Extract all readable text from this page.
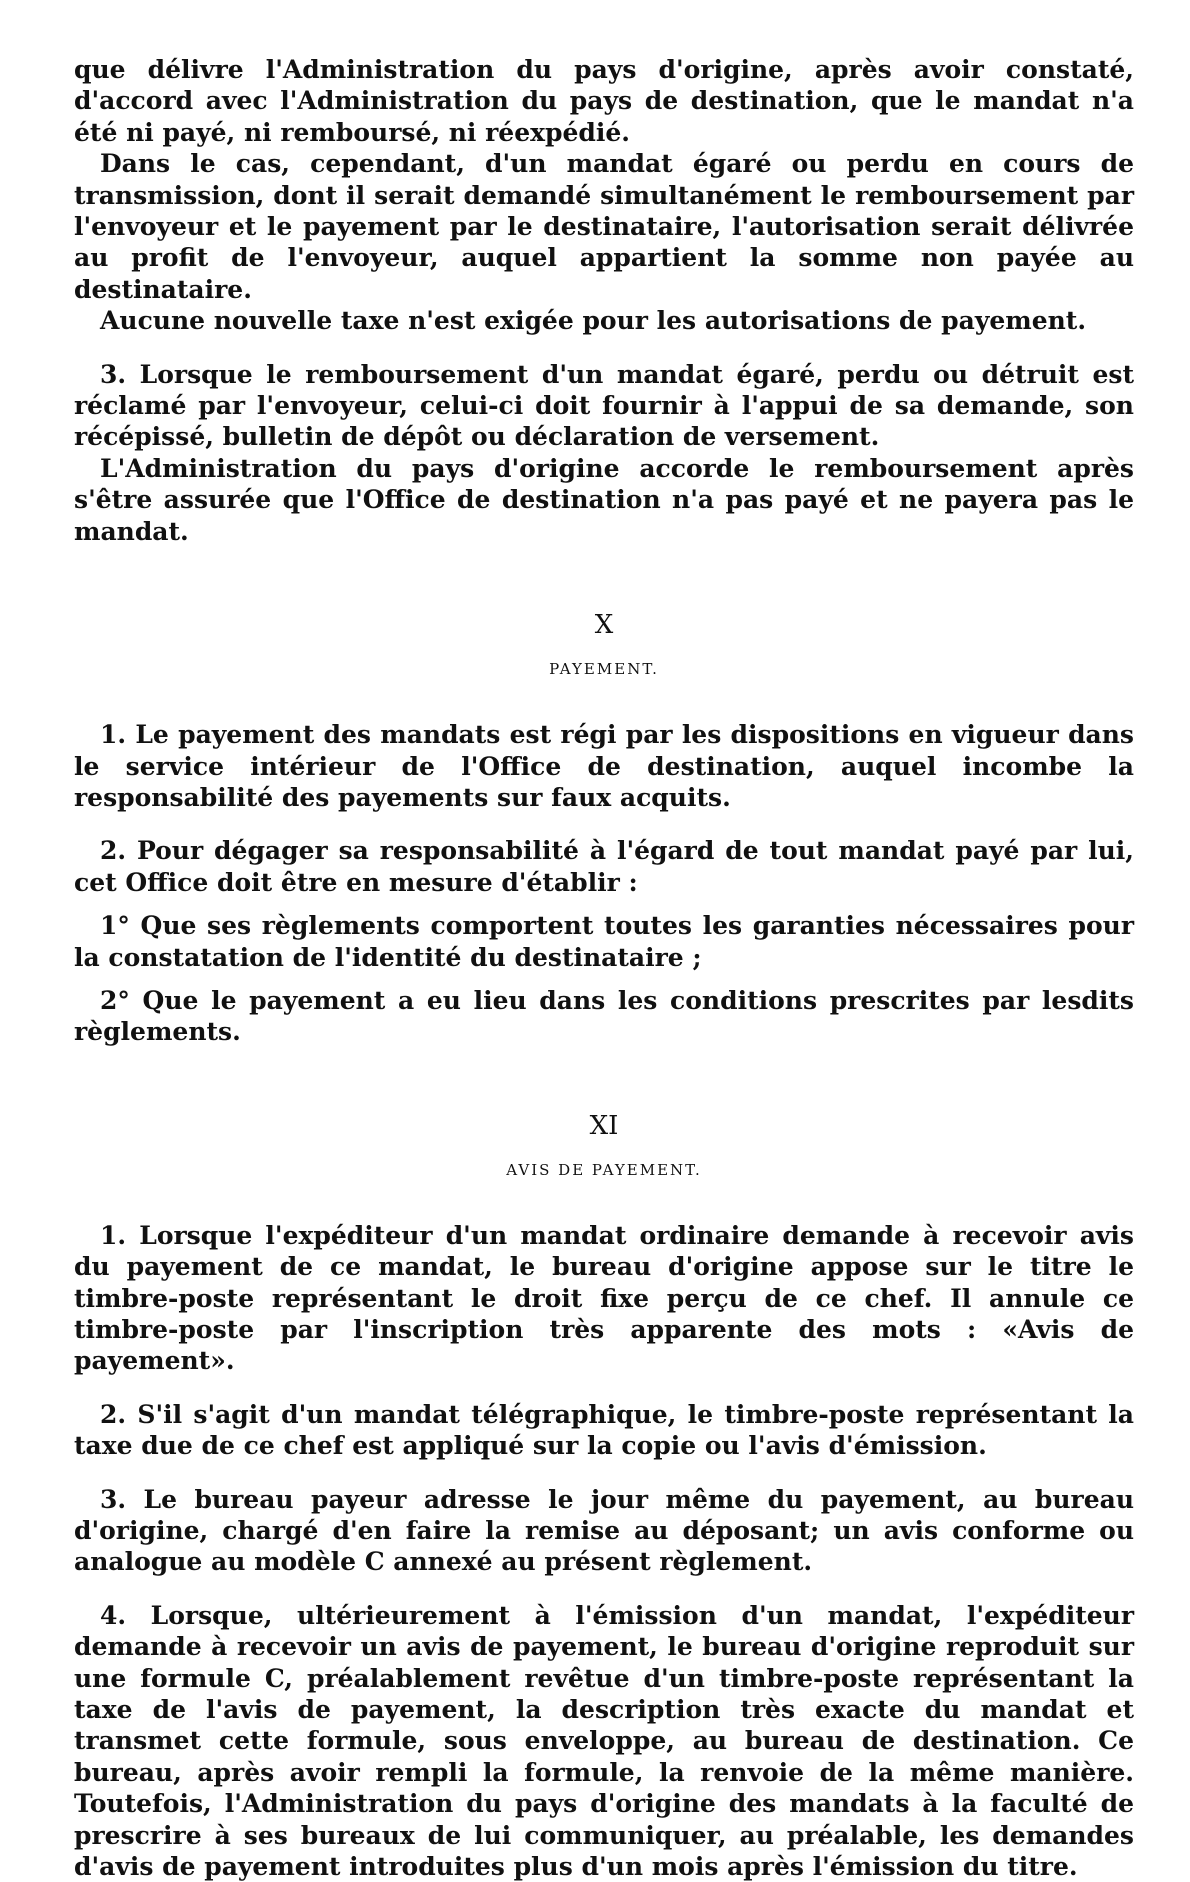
que délivre l'Administration du pays d'origine, après avoir constaté, d'accord avec l'Administration du pays de destination, que le mandat n'a été ni payé, ni remboursé, ni réexpédié.

Dans le cas, cependant, d'un mandat égaré ou perdu en cours de transmission, dont il serait demandé simultanément le remboursement par l'envoyeur et le payement par le destinataire, l'autorisation serait délivrée au profit de l'envoyeur, auquel appartient la somme non payée au destinataire.

Aucune nouvelle taxe n'est exigée pour les autorisations de payement.

3. Lorsque le remboursement d'un mandat égaré, perdu ou détruit est réclamé par l'envoyeur, celui-ci doit fournir à l'appui de sa demande, son récépissé, bulletin de dépôt ou déclaration de versement.

L'Administration du pays d'origine accorde le remboursement après s'être assurée que l'Office de destination n'a pas payé et ne payera pas le mandat.

X
PAYEMENT.

1. Le payement des mandats est régi par les dispositions en vigueur dans le service intérieur de l'Office de destination, auquel incombe la responsabilité des payements sur faux acquits.

2. Pour dégager sa responsabilité à l'égard de tout mandat payé par lui, cet Office doit être en mesure d'établir :

1° Que ses règlements comportent toutes les garanties nécessaires pour la constatation de l'identité du destinataire ;

2° Que le payement a eu lieu dans les conditions prescrites par lesdits règlements.

XI
AVIS DE PAYEMENT.

1. Lorsque l'expéditeur d'un mandat ordinaire demande à recevoir avis du payement de ce mandat, le bureau d'origine appose sur le titre le timbre-poste représentant le droit fixe perçu de ce chef. Il annule ce timbre-poste par l'inscription très apparente des mots : «Avis de payement».

2. S'il s'agit d'un mandat télégraphique, le timbre-poste représentant la taxe due de ce chef est appliqué sur la copie ou l'avis d'émission.

3. Le bureau payeur adresse le jour même du payement, au bureau d'origine, chargé d'en faire la remise au déposant; un avis conforme ou analogue au modèle C annexé au présent règlement.

4. Lorsque, ultérieurement à l'émission d'un mandat, l'expéditeur demande à recevoir un avis de payement, le bureau d'origine reproduit sur une formule C, préalablement revêtue d'un timbre-poste représentant la taxe de l'avis de payement, la description très exacte du mandat et transmet cette formule, sous enveloppe, au bureau de destination. Ce bureau, après avoir rempli la formule, la renvoie de la même manière. Toutefois, l'Administration du pays d'origine des mandats à la faculté de prescrire à ses bureaux de lui communiquer, au préalable, les demandes d'avis de payement introduites plus d'un mois après l'émission du titre.
